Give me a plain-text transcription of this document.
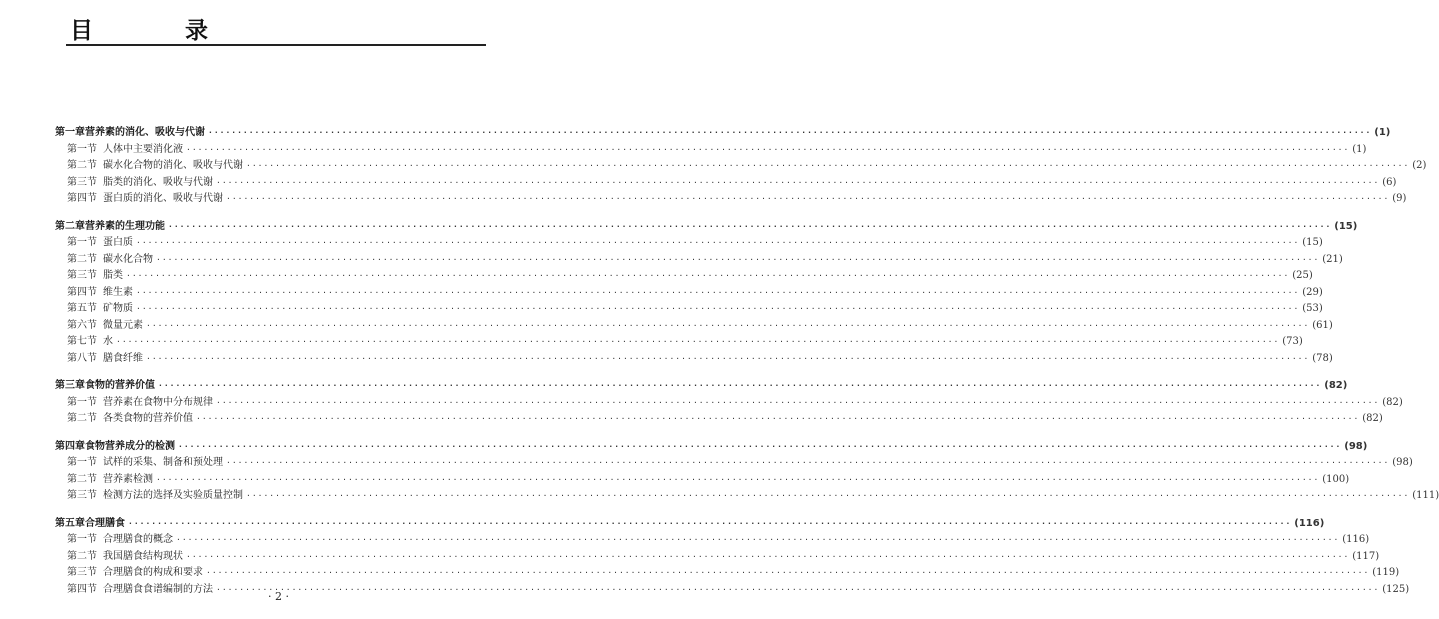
目 录
第一章 营养素的消化、吸收与代谢 ········································································································································································································ (1)
第一节 人体中主要消化液 ········································································································································································································ (1)
第二节 碳水化合物的消化、吸收与代谢 ········································································································································································································ (2)
第三节 脂类的消化、吸收与代谢 ········································································································································································································ (6)
第四节 蛋白质的消化、吸收与代谢 ········································································································································································································ (9)
第二章 营养素的生理功能 ········································································································································································································ (15)
第一节 蛋白质 ········································································································································································································ (15)
第二节 碳水化合物 ········································································································································································································ (21)
第三节 脂类 ········································································································································································································ (25)
第四节 维生素 ········································································································································································································ (29)
第五节 矿物质 ········································································································································································································ (53)
第六节 微量元素 ········································································································································································································ (61)
第七节 水 ········································································································································································································ (73)
第八节 膳食纤维 ········································································································································································································ (78)
第三章 食物的营养价值 ········································································································································································································ (82)
第一节 营养素在食物中分布规律 ········································································································································································································ (82)
第二节 各类食物的营养价值 ········································································································································································································ (82)
第四章 食物营养成分的检测 ········································································································································································································ (98)
第一节 试样的采集、制备和预处理 ········································································································································································································ (98)
第二节 营养素检测 ········································································································································································································ (100)
第三节 检测方法的选择及实验质量控制 ········································································································································································································ (111)
第五章 合理膳食 ········································································································································································································ (116)
第一节 合理膳食的概念 ········································································································································································································ (116)
第二节 我国膳食结构现状 ········································································································································································································ (117)
第三节 合理膳食的构成和要求 ········································································································································································································ (119)
第四节 合理膳食食谱编制的方法 ········································································································································································································ (125)
· 2 ·
